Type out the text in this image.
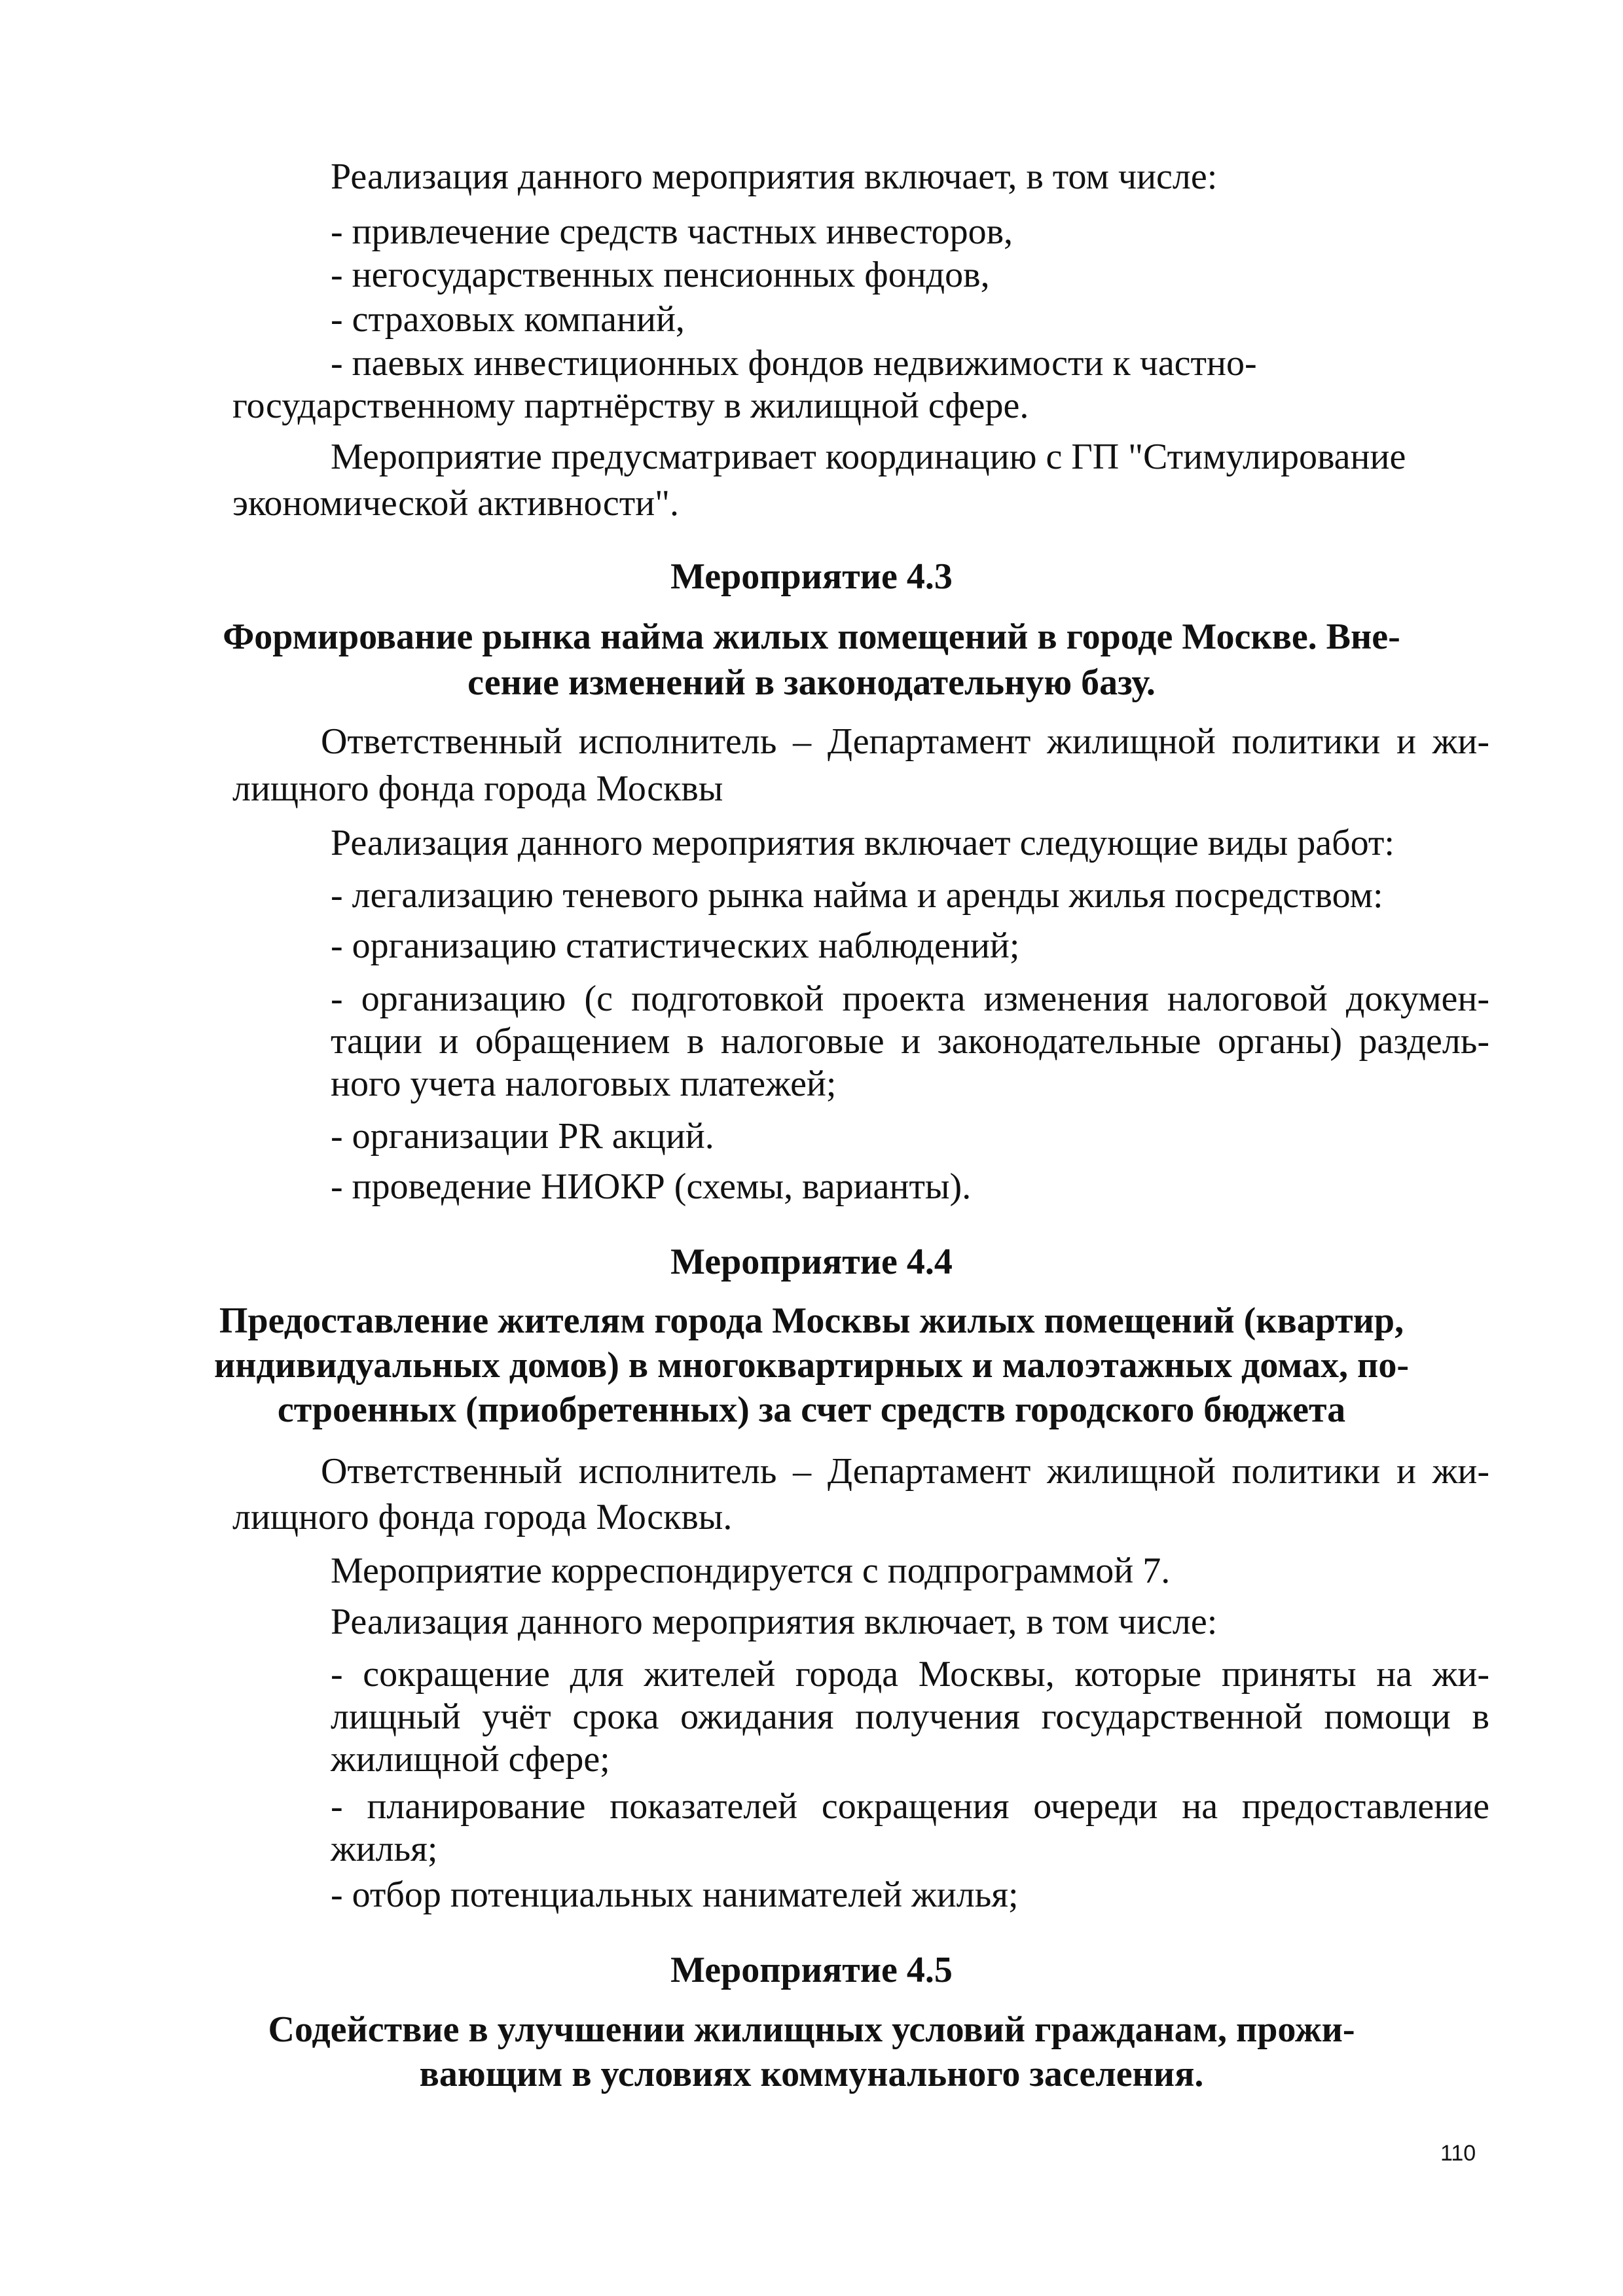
Реализация данного мероприятия включает, в том числе:
- привлечение средств частных инвесторов,
- негосударственных пенсионных фондов,
- страховых компаний,
- паевых инвестиционных фондов недвижимости к частно-
государственному партнёрству в жилищной сфере.
Мероприятие предусматривает координацию с ГП "Стимулирование
экономической активности".
Мероприятие 4.3
Формирование рынка найма жилых помещений в городе Москве. Вне-
сение изменений в законодательную базу.
Ответственный исполнитель – Департамент жилищной политики и жи-
лищного фонда города Москвы
Реализация данного мероприятия включает следующие виды работ:
- легализацию теневого рынка найма и аренды жилья посредством:
- организацию статистических наблюдений;
- организацию (с подготовкой проекта изменения налоговой докумен-
тации и обращением в налоговые и законодательные органы) раздель-
ного учета налоговых платежей;
- организации PR акций.
- проведение НИОКР (схемы, варианты).
Мероприятие 4.4
Предоставление жителям города Москвы жилых помещений (квартир,
индивидуальных домов) в многоквартирных и малоэтажных домах, по-
строенных (приобретенных) за счет средств городского бюджета
Ответственный исполнитель – Департамент жилищной политики и жи-
лищного фонда города Москвы.
Мероприятие корреспондируется с подпрограммой 7.
Реализация данного мероприятия включает, в том числе:
- сокращение для жителей города Москвы, которые приняты на жи-
лищный учёт срока ожидания получения государственной помощи в
жилищной сфере;
- планирование показателей сокращения очереди на предоставление
жилья;
- отбор потенциальных нанимателей жилья;
Мероприятие 4.5
Содействие в улучшении жилищных условий гражданам, прожи-
вающим в условиях коммунального заселения.
110
